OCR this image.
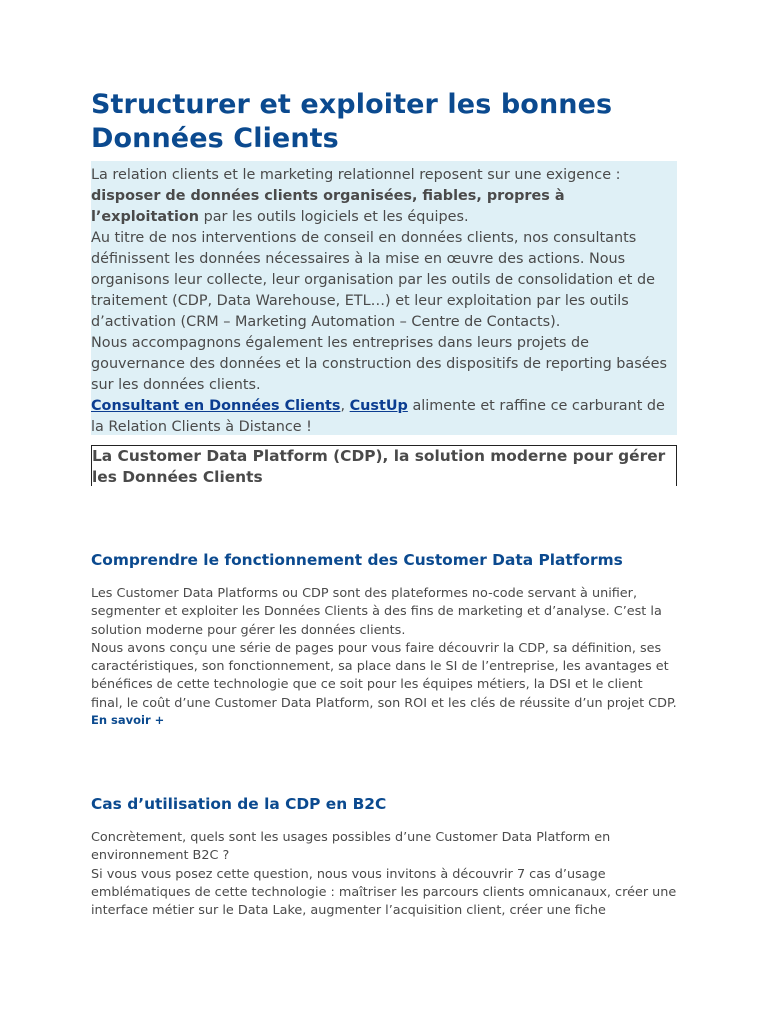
Structurer et exploiter les bonnes Données Clients

La relation clients et le marketing relationnel reposent sur une exigence : disposer de données clients organisées, fiables, propres à l’exploitation par les outils logiciels et les équipes.

Au titre de nos interventions de conseil en données clients, nos consultants définissent les données nécessaires à la mise en œuvre des actions. Nous organisons leur collecte, leur organisation par les outils de consolidation et de traitement (CDP, Data Warehouse, ETL…) et leur exploitation par les outils d’activation (CRM – Marketing Automation – Centre de Contacts).

Nous accompagnons également les entreprises dans leurs projets de gouvernance des données et la construction des dispositifs de reporting basées sur les données clients.

Consultant en Données Clients, CustUp alimente et raffine ce carburant de la Relation Clients à Distance !

La Customer Data Platform (CDP), la solution moderne pour gérer les Données Clients
Comprendre le fonctionnement des Customer Data Platforms

Les Customer Data Platforms ou CDP sont des plateformes no-code servant à unifier, segmenter et exploiter les Données Clients à des fins de marketing et d’analyse. C’est la solution moderne pour gérer les données clients.

Nous avons conçu une série de pages pour vous faire découvrir la CDP, sa définition, ses caractéristiques, son fonctionnement, sa place dans le SI de l’entreprise, les avantages et bénéfices de cette technologie que ce soit pour les équipes métiers, la DSI et le client final, le coût d’une Customer Data Platform, son ROI et les clés de réussite d’un projet CDP.

En savoir +

Cas d’utilisation de la CDP en B2C

Concrètement, quels sont les usages possibles d’une Customer Data Platform en environnement B2C ?

Si vous vous posez cette question, nous vous invitons à découvrir 7 cas d’usage emblématiques de cette technologie : maîtriser les parcours clients omnicanaux, créer une interface métier sur le Data Lake, augmenter l’acquisition client, créer une fiche
